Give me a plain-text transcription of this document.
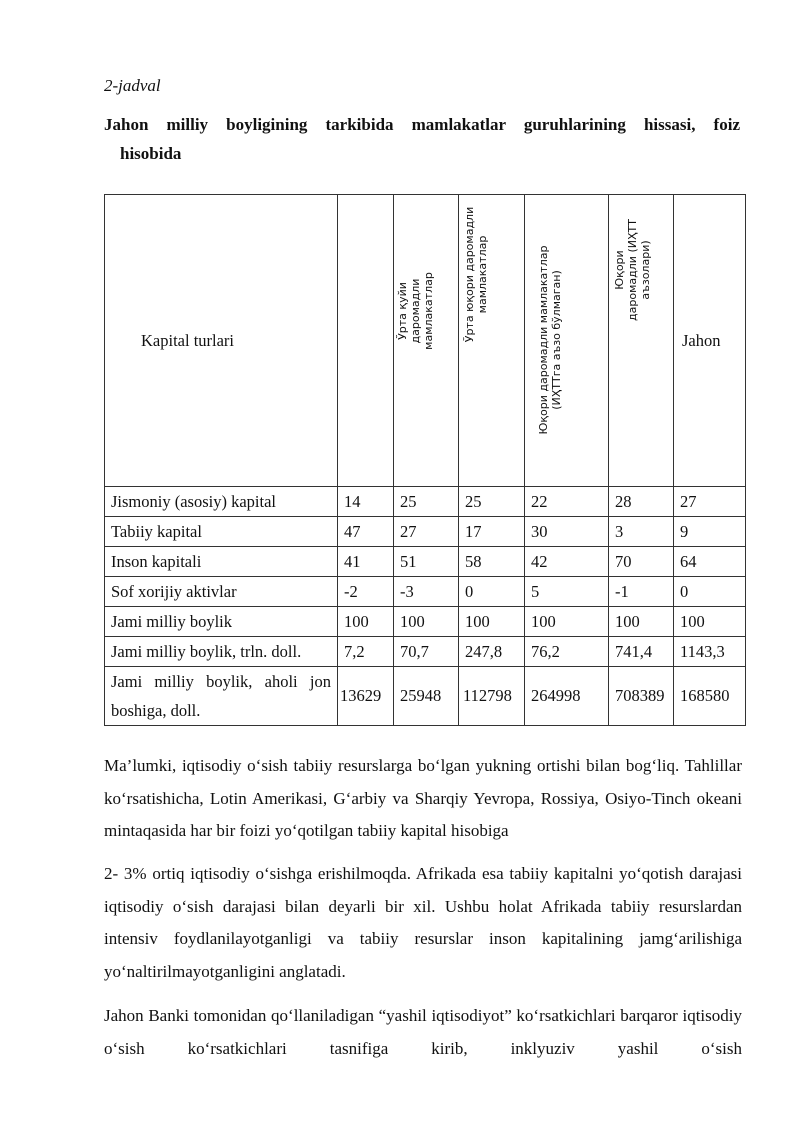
2-jadval
Jahon milliy boyligining tarkibida mamlakatlar guruhlarining hissasi, foiz
hisobida
Kapital turlari		Ўрта қуйи даромадли мамлакатлар	Ўрта юқори даромадли мамлакатлар	Юқори даромадли мамлакатлар (ИҲТТга аъзо бўлмаган)	Юқори даромадли (ИҲТТ аъзолари)	Jahon
Jismoniy (asosiy) kapital	14	25	25	22	28	27
Tabiiy kapital	47	27	17	30	3	9
Inson kapitali	41	51	58	42	70	64
Sof xorijiy aktivlar	-2	-3	0	5	-1	0
Jami milliy boylik	100	100	100	100	100	100
Jami milliy boylik, trln. doll.	7,2	70,7	247,8	76,2	741,4	1143,3
Jami milliy boylik, aholi jon boshiga, doll.	13629	25948	112798	264998	708389	168580
Ma’lumki, iqtisodiy o‘sish tabiiy resurslarga bo‘lgan yukning ortishi bilan bog‘liq. Tahlillar ko‘rsatishicha, Lotin Amerikasi, G‘arbiy va Sharqiy Yevropa, Rossiya, Osiyo-Tinch okeani mintaqasida har bir foizi yo‘qotilgan tabiiy kapital hisobiga
2- 3% ortiq iqtisodiy o‘sishga erishilmoqda. Afrikada esa tabiiy kapitalni yo‘qotish darajasi iqtisodiy o‘sish darajasi bilan deyarli bir xil. Ushbu holat Afrikada tabiiy resurslardan intensiv foydlanilayotganligi va tabiiy resurslar inson kapitalining jamg‘arilishiga yo‘naltirilmayotganligini anglatadi.
Jahon Banki tomonidan qo‘llaniladigan “yashil iqtisodiyot” ko‘rsatkichlari barqaror iqtisodiy o‘sish ko‘rsatkichlari tasnifiga kirib, inklyuziv yashil o‘sish
